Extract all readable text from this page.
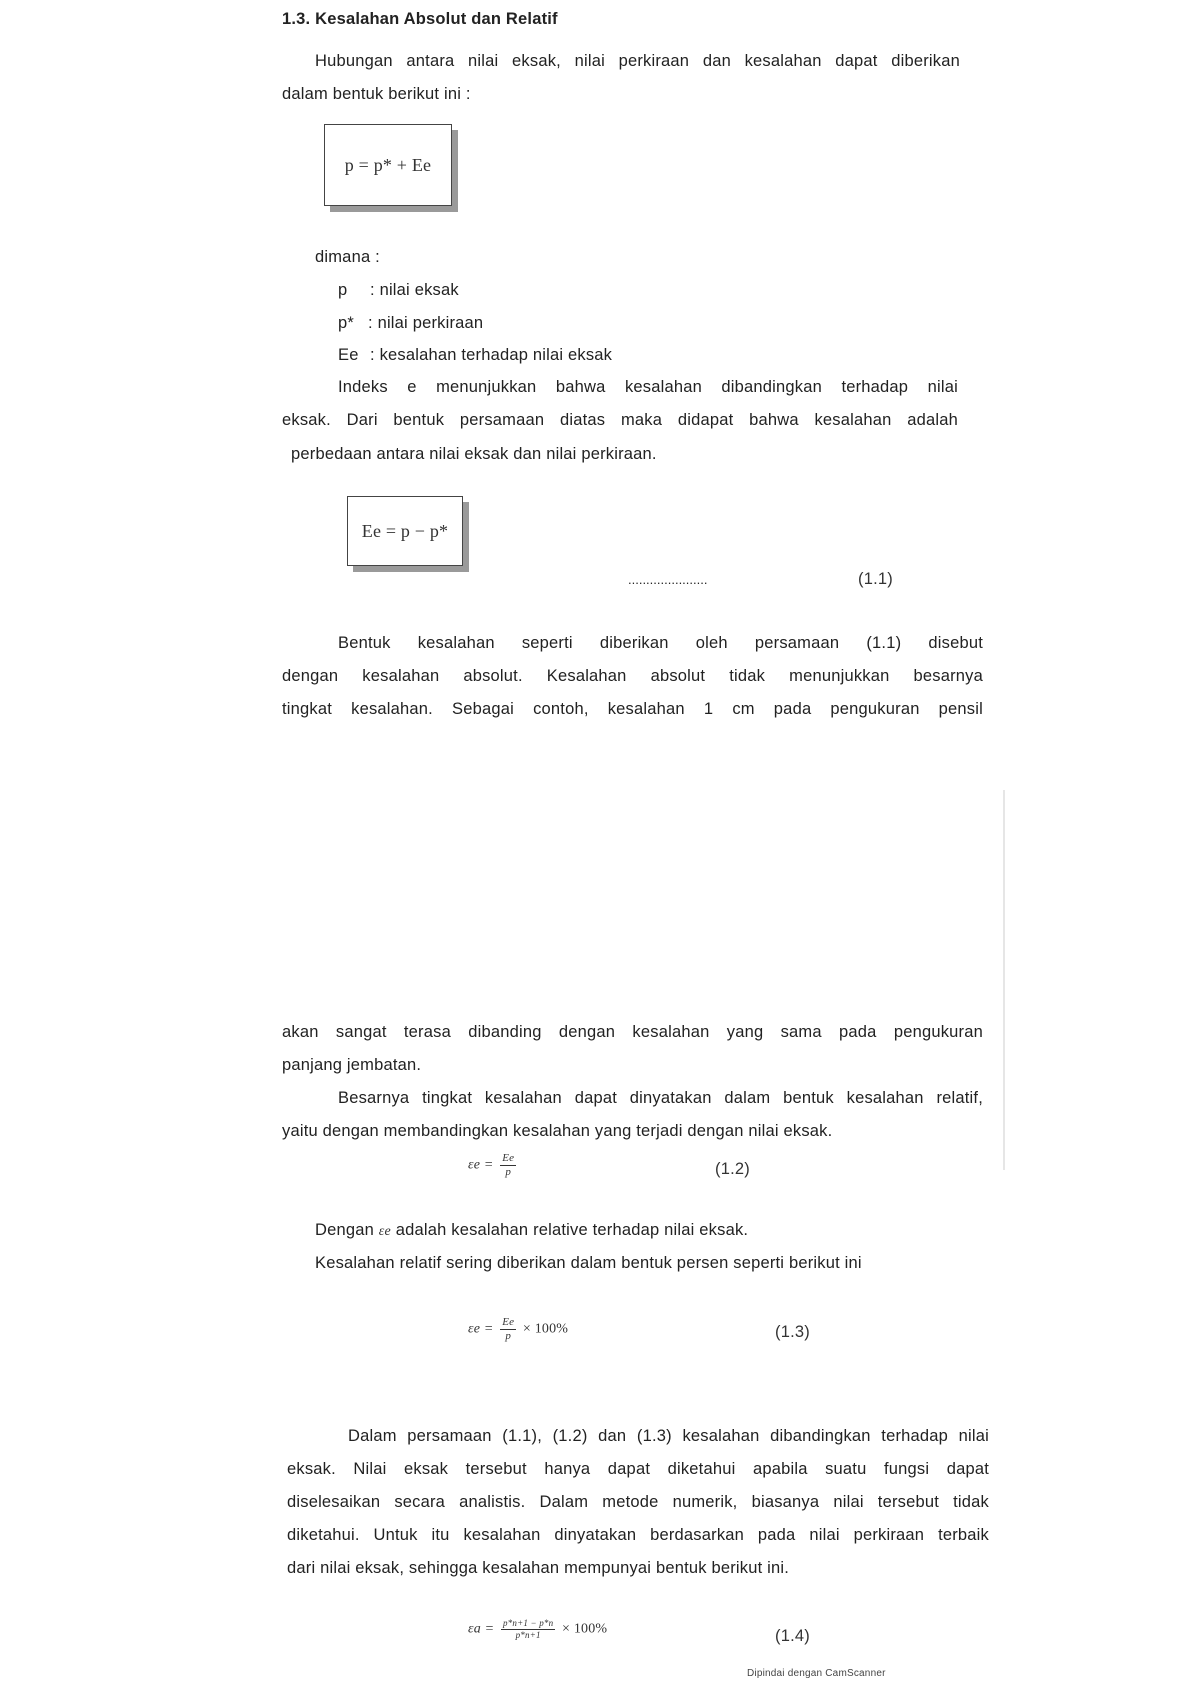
1.3. Kesalahan Absolut dan Relatif
Hubungan antara nilai eksak, nilai perkiraan dan kesalahan dapat diberikan
dalam bentuk berikut ini :
p = p* + Ee
dimana :
p : nilai eksak
p* : nilai perkiraan
Ee : kesalahan terhadap nilai eksak
Indeks e menunjukkan bahwa kesalahan dibandingkan terhadap nilai
eksak. Dari bentuk persamaan diatas maka didapat bahwa kesalahan adalah
perbedaan antara nilai eksak dan nilai perkiraan.
Ee = p − p*
......................	(1.1)
Bentuk kesalahan seperti diberikan oleh persamaan (1.1) disebut
dengan kesalahan absolut. Kesalahan absolut tidak menunjukkan besarnya
tingkat kesalahan. Sebagai contoh, kesalahan 1 cm pada pengukuran pensil
akan sangat terasa dibanding dengan kesalahan yang sama pada pengukuran
panjang jembatan.
Besarnya tingkat kesalahan dapat dinyatakan dalam bentuk kesalahan relatif,
yaitu dengan membandingkan kesalahan yang terjadi dengan nilai eksak.
$\varepsilon e = \frac{Ee}{p}$	(1.2)
Dengan εe adalah kesalahan relative terhadap nilai eksak.
Kesalahan relatif sering diberikan dalam bentuk persen seperti berikut ini
$\varepsilon e = \frac{Ee}{p} \times 100\%$	(1.3)
Dalam persamaan (1.1), (1.2) dan (1.3) kesalahan dibandingkan terhadap nilai
eksak. Nilai eksak tersebut hanya dapat diketahui apabila suatu fungsi dapat
diselesaikan secara analistis. Dalam metode numerik, biasanya nilai tersebut tidak
diketahui. Untuk itu kesalahan dinyatakan berdasarkan pada nilai perkiraan terbaik
dari nilai eksak, sehingga kesalahan mempunyai bentuk berikut ini.
$\varepsilon a = \frac{p*n+1 - p*n}{p*n+1} \times 100\%$	(1.4)
Dipindai dengan CamScanner
